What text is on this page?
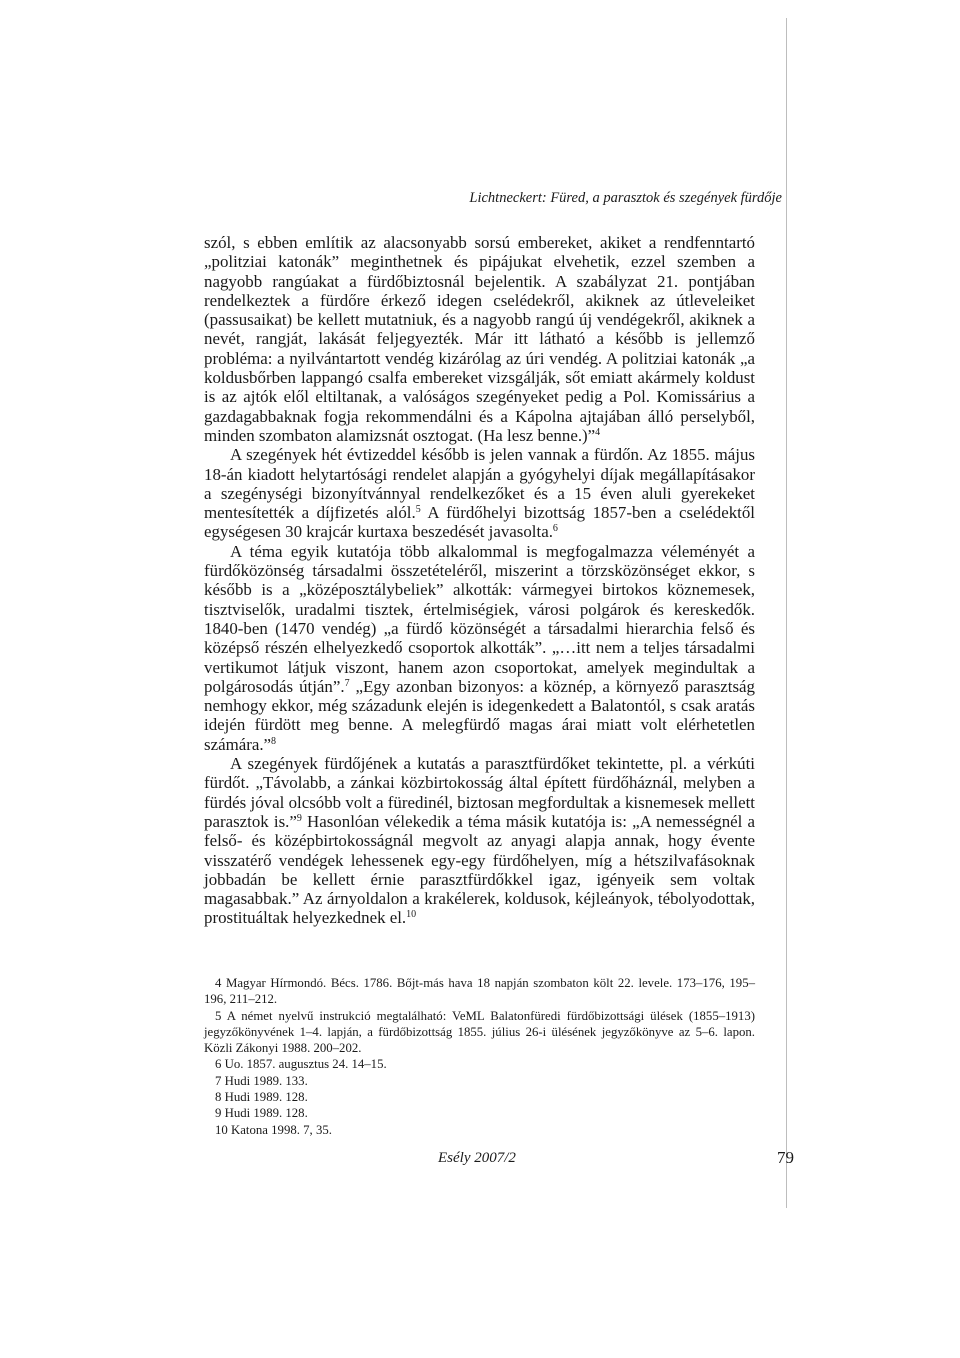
Lichtneckert: Füred, a parasztok és szegények fürdője

szól, s ebben említik az alacsonyabb sorsú embereket, akiket a rendfenntartó „politziai katonák” meginthetnek és pipájukat elvehetik, ezzel szemben a nagyobb rangúakat a fürdőbiztosnál bejelentik. A szabályzat 21. pontjában rendelkeztek a fürdőre érkező idegen cselédekről, akiknek az útleveleiket (passusaikat) be kellett mutatniuk, és a nagyobb rangú új vendégekről, akiknek a nevét, rangját, lakását feljegyezték. Már itt látható a később is jellemző probléma: a nyilvántartott vendég kizárólag az úri vendég. A politziai katonák „a koldusbőrben lappangó csalfa embereket vizsgálják, sőt emiatt akármely koldust is az ajtók elől eltiltanak, a valóságos szegényeket pedig a Pol. Komissárius a gazdagabbaknak fogja rekommendálni és a Kápolna ajtajában álló perselyből, minden szombaton alamizsnát osztogat. (Ha lesz benne.)”$^4$

A szegények hét évtizeddel később is jelen vannak a fürdőn. Az 1855. május 18-án kiadott helytartósági rendelet alapján a gyógyhelyi díjak megállapításakor a szegénységi bizonyítvánnyal rendelkezőket és a 15 éven aluli gyerekeket mentesítették a díjfizetés alól.$^5$ A fürdőhelyi bizottság 1857-ben a cselédektől egységesen 30 krajcár kurtaxa beszedését javasolta.$^6$

A téma egyik kutatója több alkalommal is megfogalmazza véleményét a fürdőközönség társadalmi összetételéről, miszerint a törzsközönséget ekkor, s később is a „középosztálybeliek” alkották: vármegyei birtokos köznemesek, tisztviselők, uradalmi tisztek, értelmiségiek, városi polgárok és kereskedők. 1840-ben (1470 vendég) „a fürdő közönségét a társadalmi hierarchia felső és középső részén elhelyezkedő csoportok alkották”. „…itt nem a teljes társadalmi vertikumot látjuk viszont, hanem azon csoportokat, amelyek megindultak a polgárosodás útján”.$^7$ „Egy azonban bizonyos: a köznép, a környező parasztság nemhogy ekkor, még századunk elején is idegenkedett a Balatontól, s csak aratás idején fürdött meg benne. A melegfürdő magas árai miatt volt elérhetetlen számára.”$^8$

A szegények fürdőjének a kutatás a parasztfürdőket tekintette, pl. a vérkúti fürdőt. „Távolabb, a zánkai közbirtokosság által épített fürdőháznál, melyben a fürdés jóval olcsóbb volt a füredinél, biztosan megfordultak a kisnemesek mellett parasztok is.”$^9$ Hasonlóan vélekedik a téma másik kutatója is: „A nemességnél a felső- és középbirtokosságnál megvolt az anyagi alapja annak, hogy évente visszatérő vendégek lehessenek egy-egy fürdőhelyen, míg a hétszilvafásoknak jobbadán be kellett érnie parasztfürdőkkel igaz, igényeik sem voltak magasabbak.” Az árnyoldalon a krakélerek, koldusok, kéjleányok, tébolyodottak, prostituáltak helyezkednek el.$^{10}$

4 Magyar Hírmondó. Bécs. 1786. Bőjt-más hava 18 napján szombaton költ 22. levele. 173–176, 195–196, 211–212.

5 A német nyelvű instrukció megtalálható: VeML Balatonfüredi fürdőbizottsági ülések (1855–1913) jegyzőkönyvének 1–4. lapján, a fürdőbizottság 1855. július 26-i ülésének jegyzőkönyve az 5–6. lapon. Közli Zákonyi 1988. 200–202.

6 Uo. 1857. augusztus 24. 14–15.

7 Hudi 1989. 133.

8 Hudi 1989. 128.

9 Hudi 1989. 128.

10 Katona 1998. 7, 35.

Esély 2007/2	79
